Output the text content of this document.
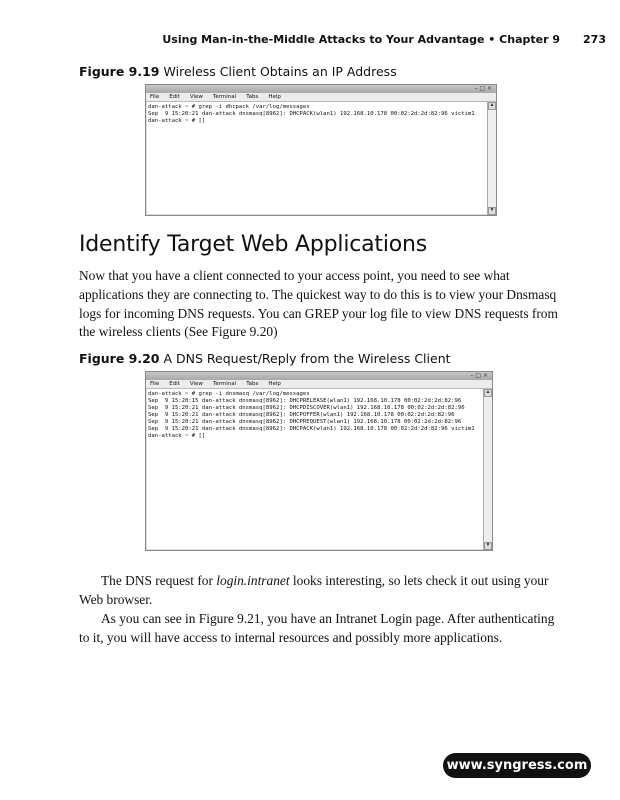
Using Man-in-the-Middle Attacks to Your Advantage • Chapter 9 273
Figure 9.19 Wireless Client Obtains an IP Address
– □ ×
File Edit View Terminal Tabs Help
dan-attack ~ # grep -i dhcpack /var/log/messages
Sep  9 15:20:21 dan-attack dnsmasq[8962]: DHCPACK(wlan1) 192.168.10.178 00:02:2d:2d:82:96 victim1
dan-attack ~ # []
▲
▼
Identify Target Web Applications

Now that you have a client connected to your access point, you need to see what applications they are connecting to. The quickest way to do this is to view your Dnsmasq logs for incoming DNS requests. You can GREP your log file to view DNS requests from the wireless clients (See Figure 9.20)

Figure 9.20 A DNS Request/Reply from the Wireless Client
– □ ×
File Edit View Terminal Tabs Help
dan-attack ~ # grep -i dnsmasq /var/log/messages
Sep  9 15:20:15 dan-attack dnsmasq[8962]: DHCPRELEASE(wlan1) 192.168.10.178 00:02:2d:2d:82:96
Sep  9 15:20:21 dan-attack dnsmasq[8962]: DHCPDISCOVER(wlan1) 192.168.10.178 00:02:2d:2d:82:96
Sep  9 15:20:21 dan-attack dnsmasq[8962]: DHCPOFFER(wlan1) 192.168.10.178 00:02:2d:2d:82:96
Sep  9 15:20:21 dan-attack dnsmasq[8962]: DHCPREQUEST(wlan1) 192.168.10.178 00:02:2d:2d:82:96
Sep  9 15:20:21 dan-attack dnsmasq[8962]: DHCPACK(wlan1) 192.168.10.178 00:02:2d:2d:82:96 victim1
dan-attack ~ # []
▲
▼

The DNS request for login.intranet looks interesting, so lets check it out using your Web browser.

As you can see in Figure 9.21, you have an Intranet Login page. After authenticating to it, you will have access to internal resources and possibly more applications.

www.syngress.com
